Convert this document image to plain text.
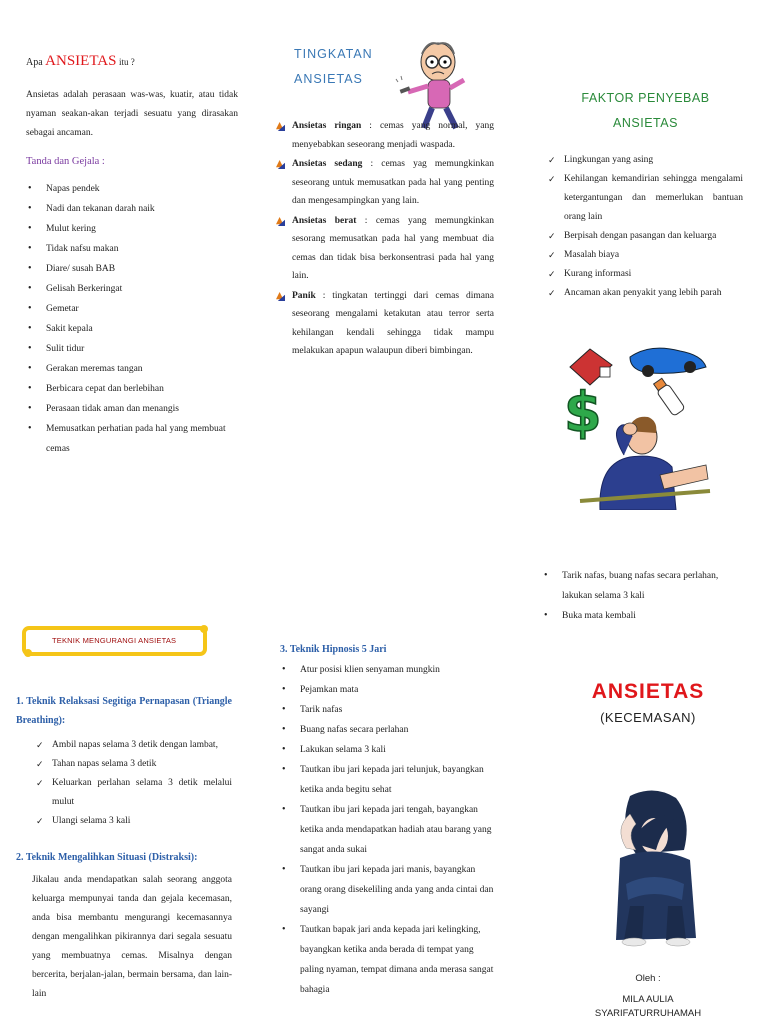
Apa ANSIETAS itu ?

Ansietas adalah perasaan was-was, kuatir, atau tidak nyaman seakan-akan terjadi sesuatu yang dirasakan sebagai ancaman.

Tanda dan Gejala :
• Napas pendek
• Nadi dan tekanan darah naik
• Mulut kering
• Tidak nafsu makan
• Diare/ susah BAB
• Gelisah Berkeringat
• Gemetar
• Sakit kepala
• Sulit tidur
• Gerakan meremas tangan
• Berbicara cepat dan berlebihan
• Perasaan tidak aman dan menangis
• Memusatkan perhatian pada hal yang membuat cemas
TINGKATAN
ANSIETAS
Ansietas ringan : cemas yang normal, yang menyebabkan seseorang menjadi waspada.
Ansietas sedang : cemas yag memungkinkan seseorang untuk memusatkan pada hal yang penting dan mengesampingkan yang lain.
Ansietas berat : cemas yang memungkinkan sesorang memusatkan pada hal yang membuat dia cemas dan tidak bisa berkonsentrasi pada hal yang lain.
Panik : tingkatan tertinggi dari cemas dimana seseorang mengalami ketakutan atau terror serta kehilangan kendali sehingga tidak mampu melakukan apapun walaupun diberi bimbingan.
FAKTOR PENYEBAB
ANSIETAS
✓ Lingkungan yang asing
✓ Kehilangan kemandirian sehingga mengalami ketergantungan dan memerlukan bantuan orang lain
✓ Berpisah dengan pasangan dan keluarga
✓ Masalah biaya
✓ Kurang informasi
✓ Ancaman akan penyakit yang lebih parah
$
TEKNIK MENGURANGI ANSIETAS
1. Teknik Relaksasi Segitiga Pernapasan (Triangle Breathing):
✓ Ambil napas selama 3 detik dengan lambat,
✓ Tahan napas selama 3 detik
✓ Keluarkan perlahan selama 3 detik melalui mulut
✓ Ulangi selama 3 kali
2. Teknik Mengalihkan Situasi (Distraksi):

Jikalau anda mendapatkan salah seorang anggota keluarga mempunyai tanda dan gejala kecemasan, anda bisa membantu mengurangi kecemasannya dengan mengalihkan pikirannya dari segala sesuatu yang membuatnya cemas. Misalnya dengan bercerita, berjalan-jalan, bermain bersama, dan lain-lain

3. Teknik Hipnosis 5 Jari
• Atur posisi klien senyaman mungkin
• Pejamkan mata
• Tarik nafas
• Buang nafas secara perlahan
• Lakukan selama 3 kali
• Tautkan ibu jari kepada jari telunjuk, bayangkan ketika anda begitu sehat
• Tautkan ibu jari kepada jari tengah, bayangkan ketika anda mendapatkan hadiah atau barang yang sangat anda sukai
• Tautkan ibu jari kepada jari manis, bayangkan orang orang disekeliling anda yang anda cintai dan sayangi
• Tautkan bapak jari anda kepada jari kelingking, bayangkan ketika anda berada di tempat yang paling nyaman, tempat dimana anda merasa sangat bahagia
• Tarik nafas, buang nafas secara perlahan, lakukan selama 3 kali
• Buka mata kembali
ANSIETAS
(KECEMASAN)
Oleh :
MILA AULIA
SYARIFATURRUHAMAH
